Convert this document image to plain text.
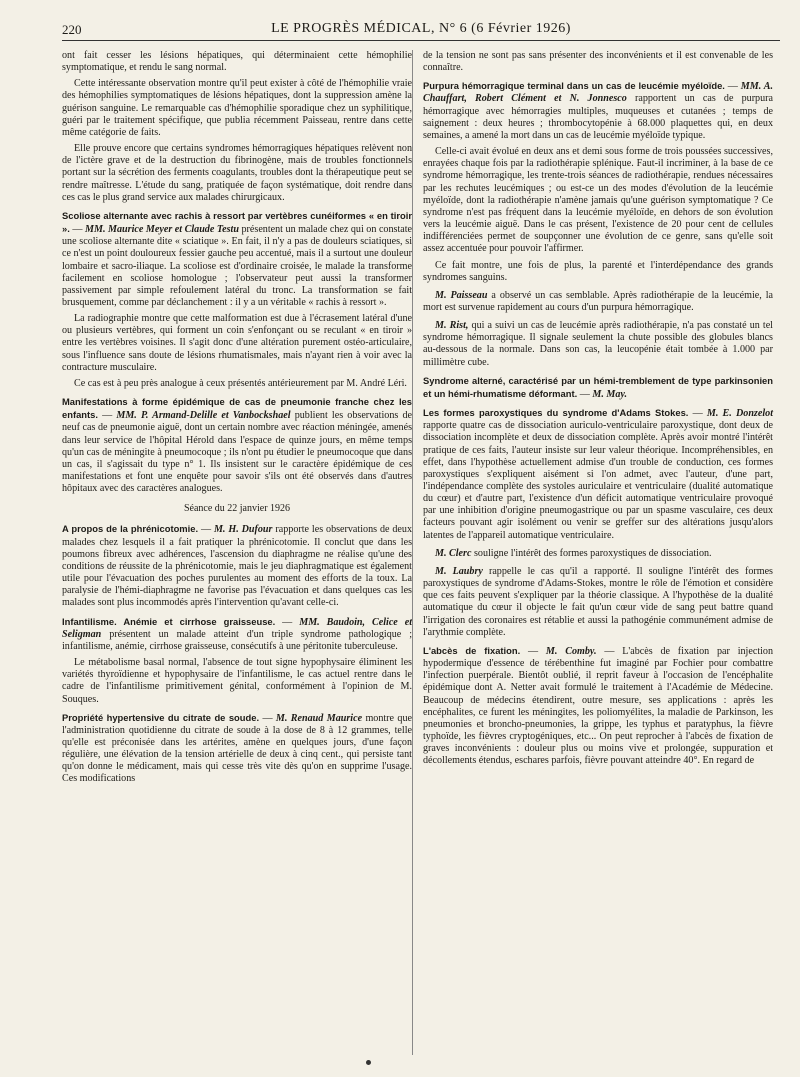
220	LE PROGRÈS MÉDICAL, N° 6 (6 Février 1926)

ont fait cesser les lésions hépatiques, qui déterminaient cette hémophilie symptomatique, et rendu le sang normal.

Cette intéressante observation montre qu'il peut exister à côté de l'hémophilie vraie des hémophilies symptomatiques de lésions hépatiques, dont la suppression amène la guérison sanguine. Le remarquable cas d'hémophilie sporadique chez un syphilitique, guéri par le traitement spécifique, que publia récemment Paisseau, rentre dans cette même catégorie de faits.

Elle prouve encore que certains syndromes hémorragiques hépatiques relèvent non de l'ictère grave et de la destruction du fibrinogène, mais de troubles fonctionnels portant sur la sécrétion des ferments coagulants, troubles dont la thérapeutique peut se rendre maîtresse. L'étude du sang, pratiquée de façon systématique, doit rendre dans ces cas le plus grand service aux malades chirurgicaux.

Scoliose alternante avec rachis à ressort par vertèbres cunéiformes « en tiroir ». — MM. Maurice Meyer et Claude Testu présentent un malade chez qui on constate une scoliose alternante dite « sciatique ». En fait, il n'y a pas de douleurs sciatiques, si ce n'est un point douloureux fessier gauche peu accentué, mais il a surtout une douleur lombaire et sacro-iliaque. La scoliose est d'ordinaire croisée, le malade la transforme facilement en scoliose homologue ; l'observateur peut aussi la transformer passivement par simple refoulement latéral du tronc. La transformation se fait brusquement, comme par déclanchement : il y a un véritable « rachis à ressort ».

La radiographie montre que cette malformation est due à l'écrasement latéral d'une ou plusieurs vertèbres, qui forment un coin s'enfonçant ou se reculant « en tiroir » entre les vertèbres voisines. Il s'agit donc d'une altération purement ostéo-articulaire, sous l'influence sans doute de lésions rhumatismales, mais n'ayant rien à voir avec la contracture musculaire.

Ce cas est à peu près analogue à ceux présentés antérieurement par M. André Léri.

Manifestations à forme épidémique de cas de pneumonie franche chez les enfants. — MM. P. Armand-Delille et Vanbockshael publient les observations de neuf cas de pneumonie aiguë, dont un certain nombre avec réaction méningée, amenés dans leur service de l'hôpital Hérold dans l'espace de quinze jours, en même temps qu'un cas de méningite à pneumocoque ; ils n'ont pu étudier le pneumocoque que dans un cas, il s'agissait du type n° 1. Ils insistent sur le caractère épidémique de ces manifestations et font une enquête pour savoir s'ils ont été observés dans d'autres hôpitaux avec des caractères analogues.

Séance du 22 janvier 1926

A propos de la phrénicotomie. — M. H. Dufour rapporte les observations de deux malades chez lesquels il a fait pratiquer la phrénicotomie. Il conclut que dans les poumons fibreux avec adhérences, l'ascension du diaphragme ne réalise qu'une des conditions de réussite de la phrénicotomie, mais le jeu diaphragmatique est également utile pour l'évacuation des poches purulentes au moment des efforts de la toux. La paralysie de l'hémi-diaphragme ne favorise pas l'évacuation et dans quelques cas les malades sont plus incommodés après l'intervention qu'avant celle-ci.

Infantilisme. Anémie et cirrhose graisseuse. — MM. Baudoin, Celice et Seligman présentent un malade atteint d'un triple syndrome pathologique ; infantilisme, anémie, cirrhose graisseuse, consécutifs à une péritonite tuberculeuse.

Le métabolisme basal normal, l'absence de tout signe hypophysaire éliminent les variétés thyroïdienne et hypophysaire de l'infantilisme, le cas actuel rentre dans le cadre de l'infantilisme primitivement génital, conformément à l'opinion de M. Souques.

Propriété hypertensive du citrate de soude. — M. Renaud Maurice montre que l'administration quotidienne du citrate de soude à la dose de 8 à 12 grammes, telle qu'elle est préconisée dans les artérites, amène en quelques jours, d'une façon régulière, une élévation de la tension artérielle de deux à cinq cent., qui persiste tant qu'on donne le médicament, mais qui cesse très vite dès qu'on en supprime l'usage. Ces modifications

de la tension ne sont pas sans présenter des inconvénients et il est convenable de les connaître.

Purpura hémorragique terminal dans un cas de leucémie myéloïde. — MM. A. Chauffart, Robert Clément et N. Jonnesco rapportent un cas de purpura hémorragique avec hémorragies multiples, muqueuses et cutanées ; temps de saignement : deux heures ; thrombocytopénie à 68.000 plaquettes qui, en deux semaines, a amené la mort dans un cas de leucémie myéloïde typique.

Celle-ci avait évolué en deux ans et demi sous forme de trois poussées successives, enrayées chaque fois par la radiothérapie splénique. Faut-il incriminer, à la base de ce syndrome hémorragique, les trente-trois séances de radiothérapie, rendues nécessaires par les rechutes leucémiques ; ou est-ce un des modes d'évolution de la leucémie myéloïde, dont la radiothérapie n'amène jamais qu'une guérison symptomatique ? Ce syndrome n'est pas fréquent dans la leucémie myéloïde, en dehors de son évolution vers la leucémie aiguë. Dans le cas présent, l'existence de 20 pour cent de cellules indifférenciées permet de soupçonner une évolution de ce genre, sans qu'elle soit assez accentuée pour pouvoir l'affirmer.

Ce fait montre, une fois de plus, la parenté et l'interdépendance des grands syndromes sanguins.

M. Paisseau a observé un cas semblable. Après radiothérapie de la leucémie, la mort est survenue rapidement au cours d'un purpura hémorragique.

M. Rist, qui a suivi un cas de leucémie après radiothérapie, n'a pas constaté un tel syndrome hémorragique. Il signale seulement la chute possible des globules blancs au-dessous de la normale. Dans son cas, la leucopénie était tombée à 1.000 par millimètre cube.

Syndrome alterné, caractérisé par un hémi-tremblement de type parkinsonien et un hémi-rhumatisme déformant. — M. May.

Les formes paroxystiques du syndrome d'Adams Stokes. — M. E. Donzelot rapporte quatre cas de dissociation auriculo-ventriculaire paroxystique, dont deux de dissociation incomplète et deux de dissociation complète. Après avoir montré l'intérêt pratique de ces faits, l'auteur insiste sur leur valeur théorique. Incompréhensibles, en effet, dans l'hypothèse actuellement admise d'un trouble de conduction, ces formes paroxystiques s'expliquent aisément si l'on admet, avec l'auteur, d'une part, l'indépendance complète des systoles auriculaire et ventriculaire (dualité automatique du cœur) et d'autre part, l'existence d'un déficit automatique ventriculaire provoqué par une inhibition d'origine pneumogastrique ou par un spasme vasculaire, ces deux facteurs pouvant agir isolément ou venir se greffer sur des altérations jusqu'alors latentes de l'appareil automatique ventriculaire.

M. Clerc souligne l'intérêt des formes paroxystiques de dissociation.

M. Laubry rappelle le cas qu'il a rapporté. Il souligne l'intérêt des formes paroxystiques de syndrome d'Adams-Stokes, montre le rôle de l'émotion et considère que ces faits peuvent s'expliquer par la théorie classique. A l'hypothèse de la dualité automatique du cœur il objecte le fait qu'un cœur vide de sang peut battre quand l'irrigation des coronaires est rétablie et aussi la pathogénie communément admise de l'arythmie complète.

L'abcès de fixation. — M. Comby. — L'abcès de fixation par injection hypodermique d'essence de térébenthine fut imaginé par Fochier pour combattre l'infection puerpérale. Bientôt oublié, il reprit faveur à l'occasion de l'encéphalite épidémique dont A. Netter avait formulé le traitement à l'Académie de Médecine. Beaucoup de médecins étendirent, outre mesure, ses applications : après les encéphalites, ce furent les méningites, les poliomyélites, la maladie de Parkinson, les pneumonies et broncho-pneumonies, la grippe, les typhus et paratyphus, la fièvre typhoïde, les fièvres cryptogéniques, etc... On peut reprocher à l'abcès de fixation de graves inconvénients : douleur plus ou moins vive et prolongée, suppuration et décollements étendus, eschares parfois, fièvre pouvant atteindre 40°. En regard de
